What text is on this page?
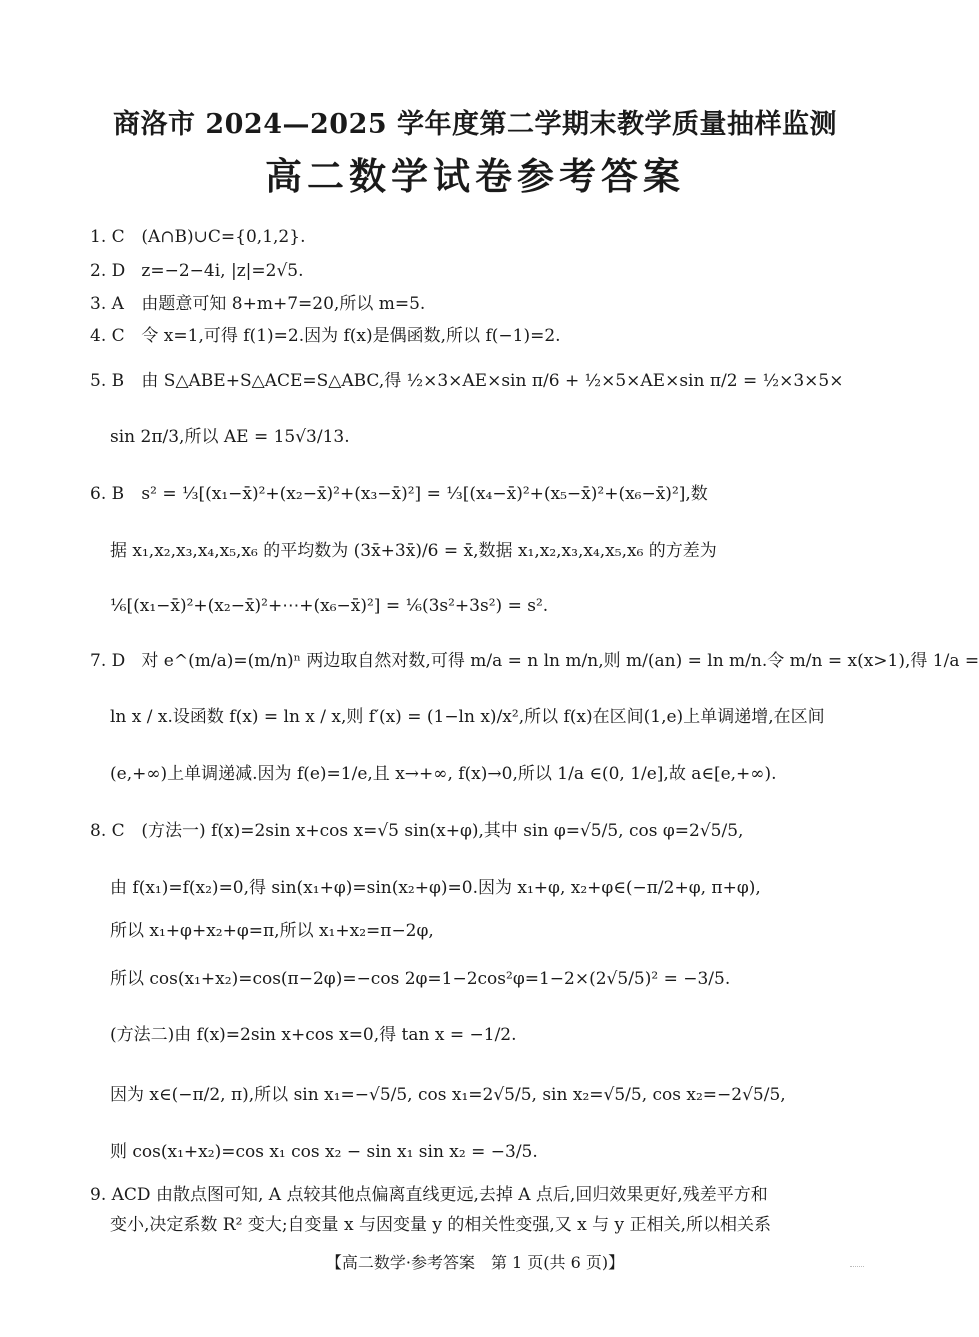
商洛市 2024—2025 学年度第二学期末教学质量抽样监测
高二数学试卷参考答案
1. C (A∩B)∪C={0,1,2}.
2. D z=−2−4i, |z|=2√5.
3. A 由题意可知 8+m+7=20,所以 m=5.
4. C 令 x=1,可得 f(1)=2.因为 f(x)是偶函数,所以 f(−1)=2.
5. B 由 S△ABE+S△ACE=S△ABC,得 ½×3×AE×sin π/6 + ½×5×AE×sin π/2 = ½×3×5×
sin 2π/3,所以 AE = 15√3/13.
6. B s² = ⅓[(x₁−x̄)²+(x₂−x̄)²+(x₃−x̄)²] = ⅓[(x₄−x̄)²+(x₅−x̄)²+(x₆−x̄)²],数
据 x₁,x₂,x₃,x₄,x₅,x₆ 的平均数为 (3x̄+3x̄)/6 = x̄,数据 x₁,x₂,x₃,x₄,x₅,x₆ 的方差为
⅙[(x₁−x̄)²+(x₂−x̄)²+⋯+(x₆−x̄)²] = ⅙(3s²+3s²) = s².
7. D 对 e^(m/a)=(m/n)ⁿ 两边取自然对数,可得 m/a = n ln m/n,则 m/(an) = ln m/n.令 m/n = x(x>1),得 1/a =
ln x / x.设函数 f(x) = ln x / x,则 f′(x) = (1−ln x)/x²,所以 f(x)在区间(1,e)上单调递增,在区间
(e,+∞)上单调递减.因为 f(e)=1/e,且 x→+∞, f(x)→0,所以 1/a ∈(0, 1/e],故 a∈[e,+∞).
8. C (方法一) f(x)=2sin x+cos x=√5 sin(x+φ),其中 sin φ=√5/5, cos φ=2√5/5,
由 f(x₁)=f(x₂)=0,得 sin(x₁+φ)=sin(x₂+φ)=0.因为 x₁+φ, x₂+φ∈(−π/2+φ, π+φ),
所以 x₁+φ+x₂+φ=π,所以 x₁+x₂=π−2φ,
所以 cos(x₁+x₂)=cos(π−2φ)=−cos 2φ=1−2cos²φ=1−2×(2√5/5)² = −3/5.
(方法二)由 f(x)=2sin x+cos x=0,得 tan x = −1/2.
因为 x∈(−π/2, π),所以 sin x₁=−√5/5, cos x₁=2√5/5, sin x₂=√5/5, cos x₂=−2√5/5,
则 cos(x₁+x₂)=cos x₁ cos x₂ − sin x₁ sin x₂ = −3/5.
9. ACD 由散点图可知, A 点较其他点偏离直线更远,去掉 A 点后,回归效果更好,残差平方和
变小,决定系数 R² 变大;自变量 x 与因变量 y 的相关性变强,又 x 与 y 正相关,所以相关系
【高二数学·参考答案　第 1 页(共 6 页)】
